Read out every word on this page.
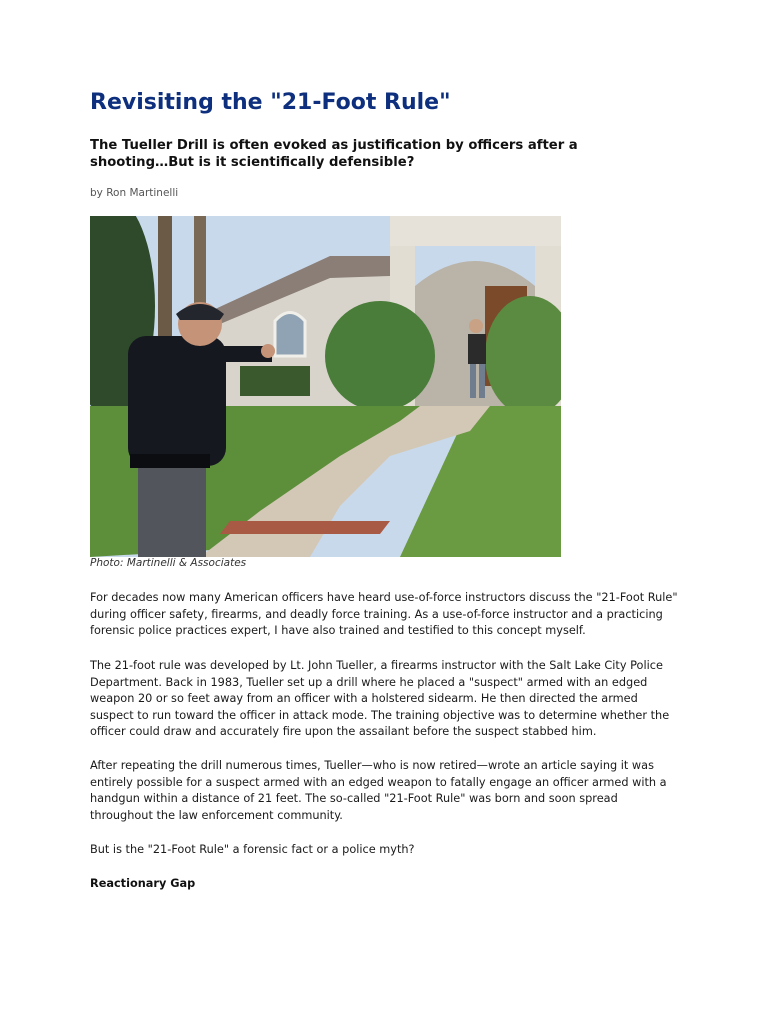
Revisiting the "21-Foot Rule"

The Tueller Drill is often evoked as justification by officers after a shooting…But is it scientifically defensible?

by Ron Martinelli

Photo: Martinelli & Associates

For decades now many American officers have heard use-of-force instructors discuss the "21-Foot Rule" during officer safety, firearms, and deadly force training. As a use-of-force instructor and a practicing forensic police practices expert, I have also trained and testified to this concept myself.

The 21-foot rule was developed by Lt. John Tueller, a firearms instructor with the Salt Lake City Police Department. Back in 1983, Tueller set up a drill where he placed a "suspect" armed with an edged weapon 20 or so feet away from an officer with a holstered sidearm. He then directed the armed suspect to run toward the officer in attack mode. The training objective was to determine whether the officer could draw and accurately fire upon the assailant before the suspect stabbed him.

After repeating the drill numerous times, Tueller—who is now retired—wrote an article saying it was entirely possible for a suspect armed with an edged weapon to fatally engage an officer armed with a handgun within a distance of 21 feet. The so-called "21-Foot Rule" was born and soon spread throughout the law enforcement community.

But is the "21-Foot Rule" a forensic fact or a police myth?

Reactionary Gap
